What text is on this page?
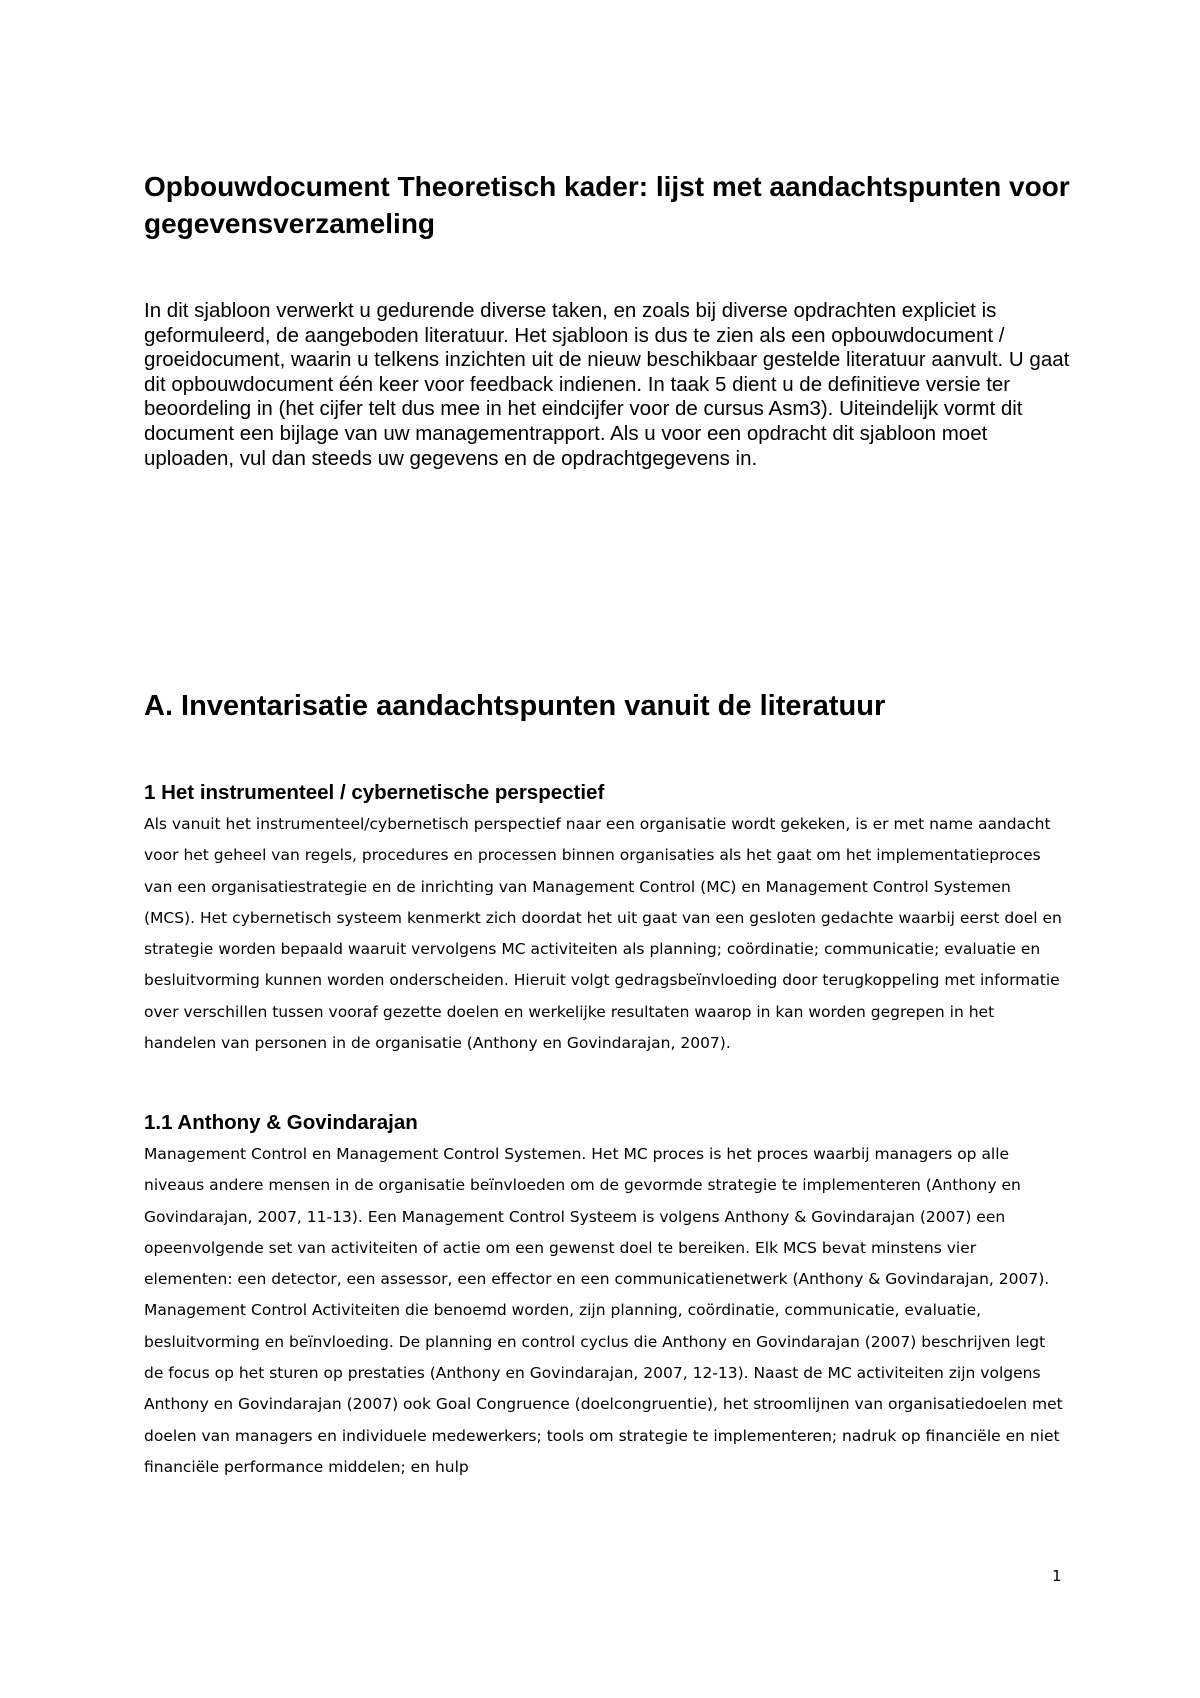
Opbouwdocument Theoretisch kader: lijst met aandachtspunten voor gegevensverzameling

In dit sjabloon verwerkt u gedurende diverse taken, en zoals bij diverse opdrachten expliciet is geformuleerd, de aangeboden literatuur. Het sjabloon is dus te zien als een opbouwdocument / groeidocument, waarin u telkens inzichten uit de nieuw beschikbaar gestelde literatuur aanvult. U gaat dit opbouwdocument één keer voor feedback indienen. In taak 5 dient u de definitieve versie ter beoordeling in (het cijfer telt dus mee in het eindcijfer voor de cursus Asm3). Uiteindelijk vormt dit document een bijlage van uw managementrapport. Als u voor een opdracht dit sjabloon moet uploaden, vul dan steeds uw gegevens en de opdrachtgegevens in.

A. Inventarisatie aandachtspunten vanuit de literatuur
1 Het instrumenteel / cybernetische perspectief

Als vanuit het instrumenteel/cybernetisch perspectief naar een organisatie wordt gekeken, is er met name aandacht voor het geheel van regels, procedures en processen binnen organisaties als het gaat om het implementatieproces van een organisatiestrategie en de inrichting van Management Control (MC) en Management Control Systemen (MCS). Het cybernetisch systeem kenmerkt zich doordat het uit gaat van een gesloten gedachte waarbij eerst doel en strategie worden bepaald waaruit vervolgens MC activiteiten als planning; coördinatie; communicatie; evaluatie en besluitvorming kunnen worden onderscheiden. Hieruit volgt gedragsbeïnvloeding door terugkoppeling met informatie over verschillen tussen vooraf gezette doelen en werkelijke resultaten waarop in kan worden gegrepen in het handelen van personen in de organisatie (Anthony en Govindarajan, 2007).

1.1 Anthony & Govindarajan

Management Control en Management Control Systemen. Het MC proces is het proces waarbij managers op alle niveaus andere mensen in de organisatie beïnvloeden om de gevormde strategie te implementeren (Anthony en Govindarajan, 2007, 11-13). Een Management Control Systeem is volgens Anthony & Govindarajan (2007) een opeenvolgende set van activiteiten of actie om een gewenst doel te bereiken. Elk MCS bevat minstens vier elementen: een detector, een assessor, een effector en een communicatienetwerk (Anthony & Govindarajan, 2007). Management Control Activiteiten die benoemd worden, zijn planning, coördinatie, communicatie, evaluatie, besluitvorming en beïnvloeding. De planning en control cyclus die Anthony en Govindarajan (2007) beschrijven legt de focus op het sturen op prestaties (Anthony en Govindarajan, 2007, 12-13). Naast de MC activiteiten zijn volgens Anthony en Govindarajan (2007) ook Goal Congruence (doelcongruentie), het stroomlijnen van organisatiedoelen met doelen van managers en individuele medewerkers; tools om strategie te implementeren; nadruk op financiële en niet financiële performance middelen; en hulp

1
